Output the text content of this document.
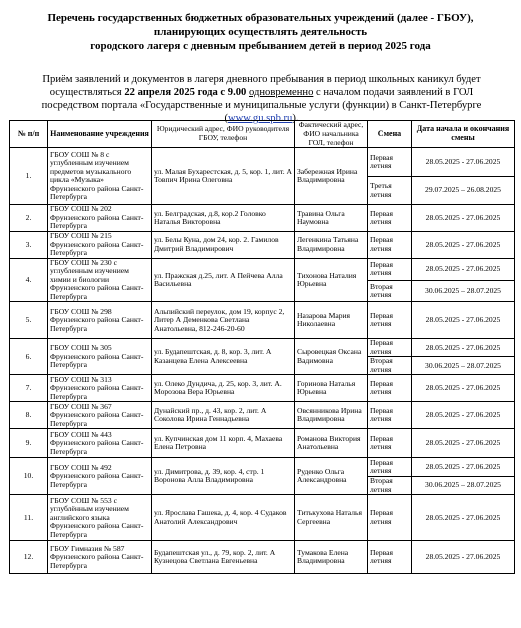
Перечень государственных бюджетных образовательных учреждений (далее - ГБОУ),
планирующих осуществлять деятельность
городского лагеря с дневным пребыванием детей в период 2025 года
Приём заявлений и документов в лагеря дневного пребывания в период школьных каникул будет
осуществляться 22 апреля 2025 года с 9.00 одновременно с началом подачи заявлений в ГОЛ
посредством портала «Государственные и муниципальные услуги (функции) в Санкт-Петербурге
(www.gu.spb.ru).
№ п/п	Наименование учреждения	Юридический адрес, ФИО руководителя ГБОУ, телефон	Фактический адрес, ФИО начальника ГОЛ, телефон	Смена	Дата начала и окончания смены
1.	ГБОУ СОШ № 8 с углубленным изучением предметов музыкального цикла «Музыка» Фрунзенского района Санкт-Петербурга	ул. Малая Бухарестская, д. 5, кор. 1, лит. А Товпич Ирина Олеговна	Забережная Ирина Владимировна	Первая летняя	28.05.2025 - 27.06.2025
				Третья летняя	29.07.2025 – 26.08.2025
2.	ГБОУ СОШ № 202 Фрунзенского района Санкт-Петербурга	ул. Белградская, д.8, кор.2 Головко Наталья Викторовна	Травина Ольга Наумовна	Первая летняя	28.05.2025 - 27.06.2025
3.	ГБОУ СОШ № 215 Фрунзенского района Санкт-Петербурга	ул. Белы Куна, дом 24, кор. 2. Гамилов Дмитрий Владимирович	Легенкина Татьяна Владимировна	Первая летняя	28.05.2025 - 27.06.2025
4.	ГБОУ СОШ № 230 с углубленным изучением химии и биологии Фрунзенского района Санкт-Петербурга	ул. Пражская д.25, лит. А Пейчева Алла Васильевна	Тихонова Наталия Юрьевна	Первая летняя	28.05.2025 - 27.06.2025
				Вторая летняя	30.06.2025 – 28.07.2025
5.	ГБОУ СОШ № 298 Фрунзенского района Санкт-Петербурга	Альпийский переулок, дом 19, корпус 2, Литер А Деменкова Светлана Анатольевна, 812-246-20-60	Назарова Мария Николаевна	Первая летняя	28.05.2025 - 27.06.2025
6.	ГБОУ СОШ № 305 Фрунзенского района Санкт-Петербурга	ул. Будапештская, д. 8, кор. 3, лит. А Казанцева Елена Алексеевна	Сыровецкая Оксана Вадимовна	Первая летняя	28.05.2025 - 27.06.2025
				Вторая летняя	30.06.2025 – 28.07.2025
7.	ГБОУ СОШ № 313 Фрунзенского района Санкт-Петербурга	ул. Олеко Дундича, д. 25, кор. 3, лит. А. Морозова Вера Юрьевна	Горинова Наталья Юрьевна	Первая летняя	28.05.2025 - 27.06.2025
8.	ГБОУ СОШ № 367 Фрунзенского района Санкт-Петербурга	Дунайский пр., д. 43, кор. 2, лит. А Соколова Ирина Геннадьевна	Овсянникова Ирина Владимировна	Первая летняя	28.05.2025 - 27.06.2025
9.	ГБОУ СОШ № 443 Фрунзенского района Санкт-Петербурга	ул. Купчинская дом 11 корп. 4, Махаева Елена Петровна	Романова Виктория Анатольевна	Первая летняя	28.05.2025 - 27.06.2025
10.	ГБОУ СОШ № 492 Фрунзенского района Санкт-Петербурга	ул. Димитрова, д. 39, кор. 4, стр. 1 Воронова Алла Владимировна	Руденко Ольга Александровна	Первая летняя	28.05.2025 - 27.06.2025
				Вторая летняя	30.06.2025 – 28.07.2025
11.	ГБОУ СОШ № 553 с углублённым изучением английского языка Фрунзенского района Санкт-Петербурга	ул. Ярослава Гашека, д. 4, кор. 4 Судаков Анатолий Александрович	Титькухова Наталья Сергеевна	Первая летняя	28.05.2025 - 27.06.2025
12.	ГБОУ Гимназия № 587 Фрунзенского района Санкт-Петербурга	Будапештская ул., д. 79, кор. 2, лит. А Кузнецова Светлана Евгеньевна	Тумакова Елена Владимировна	Первая летняя	28.05.2025 - 27.06.2025
